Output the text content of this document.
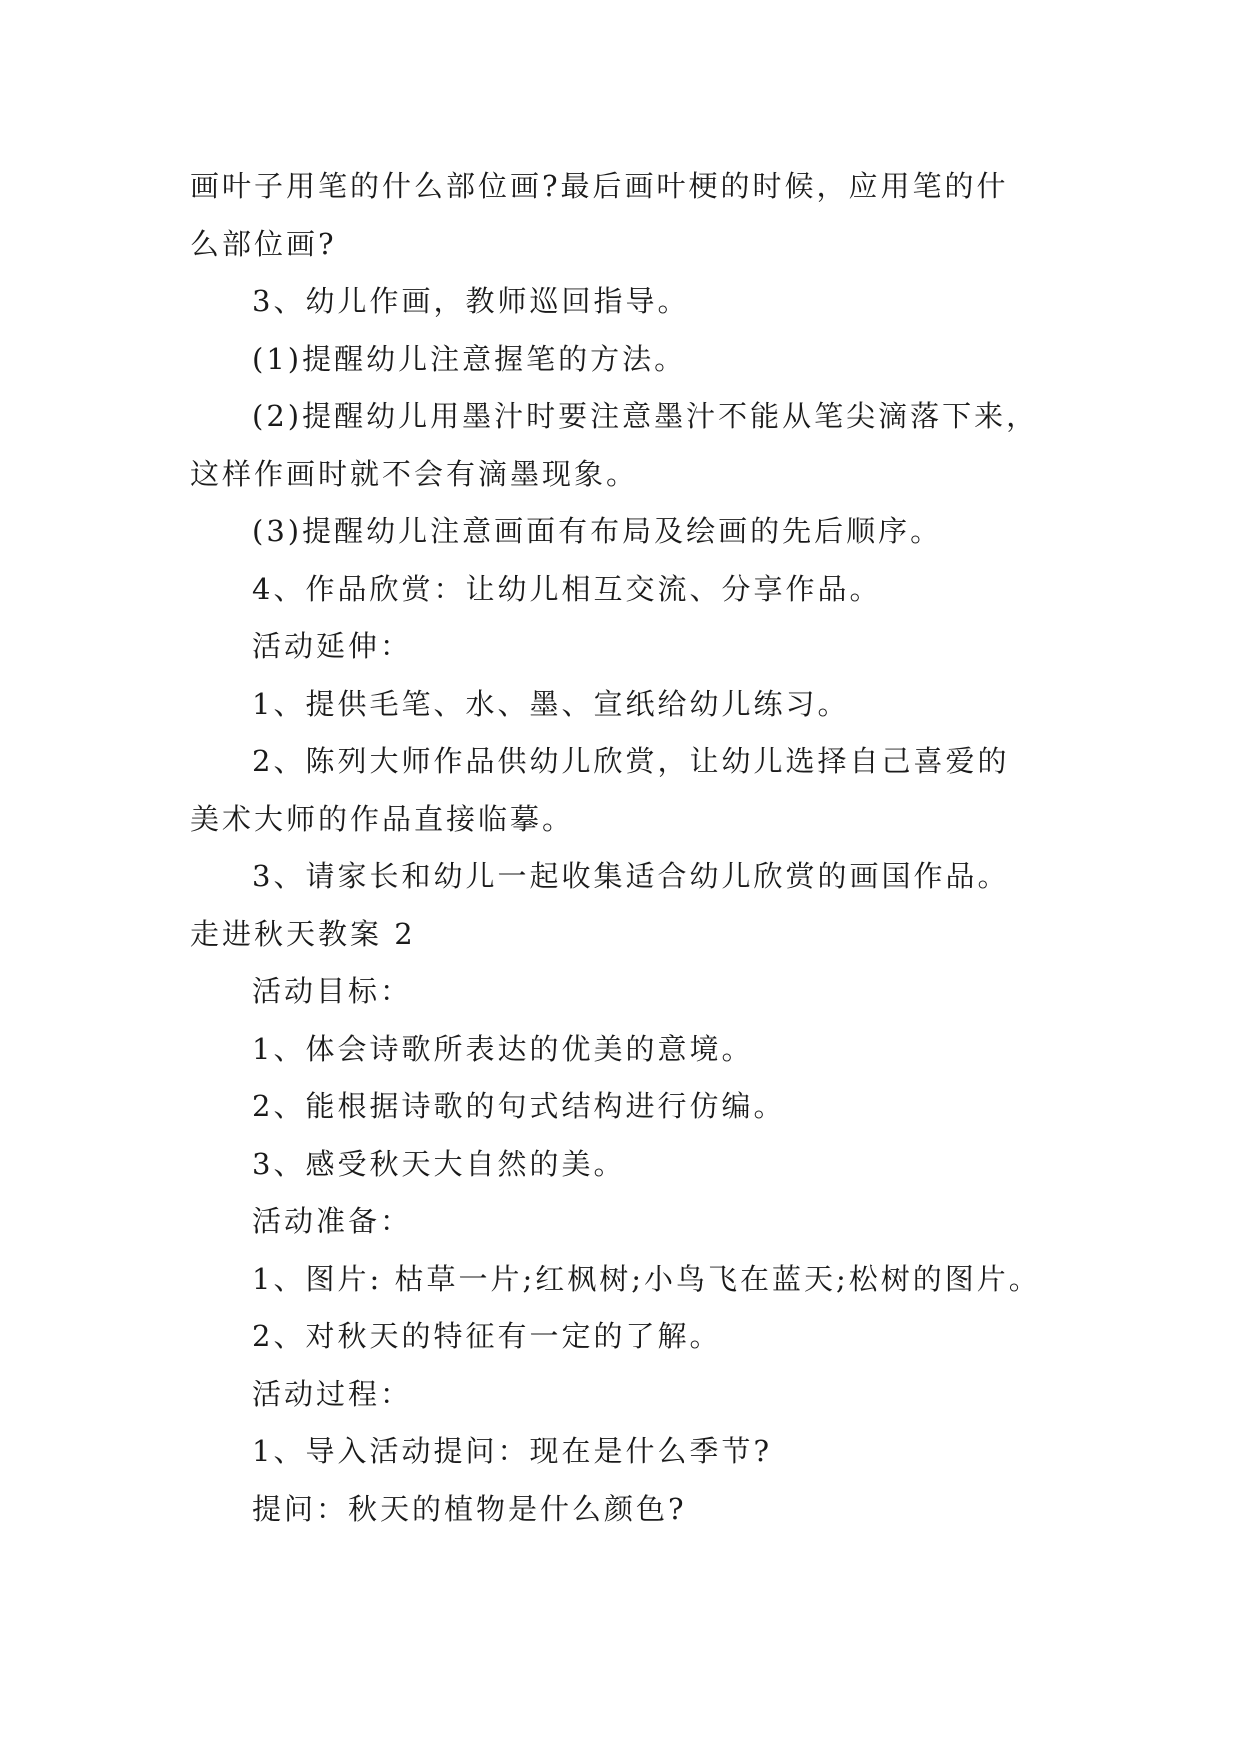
画叶子用笔的什么部位画?最后画叶梗的时候，应用笔的什

么部位画?

3、幼儿作画，教师巡回指导。

(1)提醒幼儿注意握笔的方法。

(2)提醒幼儿用墨汁时要注意墨汁不能从笔尖滴落下来，

这样作画时就不会有滴墨现象。

(3)提醒幼儿注意画面有布局及绘画的先后顺序。

4、作品欣赏：让幼儿相互交流、分享作品。

活动延伸：

1、提供毛笔、水、墨、宣纸给幼儿练习。

2、陈列大师作品供幼儿欣赏，让幼儿选择自己喜爱的

美术大师的作品直接临摹。

3、请家长和幼儿一起收集适合幼儿欣赏的画国作品。

走进秋天教案 2

活动目标：

1、体会诗歌所表达的优美的意境。

2、能根据诗歌的句式结构进行仿编。

3、感受秋天大自然的美。

活动准备：

1、图片: 枯草一片;红枫树;小鸟飞在蓝天;松树的图片。

2、对秋天的特征有一定的了解。

活动过程：

1、导入活动提问：现在是什么季节?

提问：秋天的植物是什么颜色?
